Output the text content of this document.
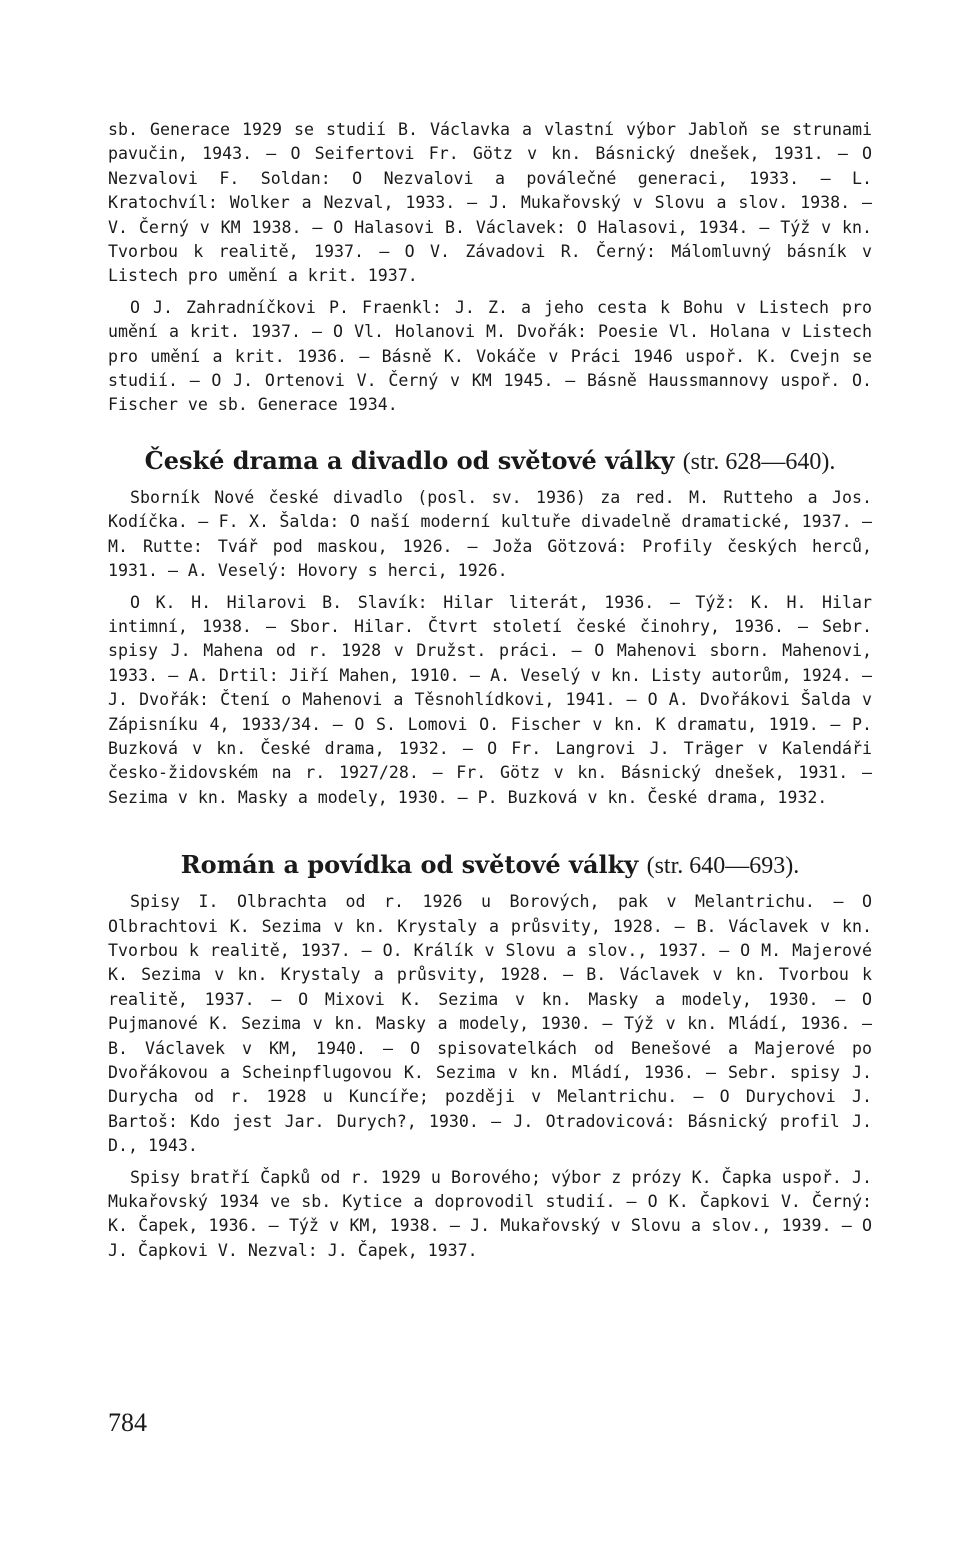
sb. Generace 1929 se studií B. Václavka a vlastní výbor Jabloň se strunami pavučin, 1943. — O Seifertovi Fr. Götz v kn. Básnický dnešek, 1931. — O Nezvalovi F. Soldan: O Nezvalovi a poválečné generaci, 1933. — L. Kratochvíl: Wolker a Nezval, 1933. — J. Mukařovský v Slovu a slov. 1938. — V. Černý v KM 1938. — O Halasovi B. Václavek: O Halasovi, 1934. — Týž v kn. Tvorbou k realitě, 1937. — O V. Závadovi R. Černý: Málomluvný básník v Listech pro umění a krit. 1937.

O J. Zahradníčkovi P. Fraenkl: J. Z. a jeho cesta k Bohu v Listech pro umění a krit. 1937. — O Vl. Holanovi M. Dvořák: Poesie Vl. Holana v Listech pro umění a krit. 1936. — Básně K. Vokáče v Práci 1946 uspoř. K. Cvejn se studií. — O J. Ortenovi V. Černý v KM 1945. — Básně Haussmannovy uspoř. O. Fischer ve sb. Generace 1934.

České drama a divadlo od světové války (str. 628—640).

Sborník Nové české divadlo (posl. sv. 1936) za red. M. Rutteho a Jos. Kodíčka. — F. X. Šalda: O naší moderní kultuře divadelně dramatické, 1937. — M. Rutte: Tvář pod maskou, 1926. — Joža Götzová: Profily českých herců, 1931. — A. Veselý: Hovory s herci, 1926.

O K. H. Hilarovi B. Slavík: Hilar literát, 1936. — Týž: K. H. Hilar intimní, 1938. — Sbor. Hilar. Čtvrt století české činohry, 1936. — Sebr. spisy J. Mahena od r. 1928 v Družst. práci. — O Mahenovi sborn. Mahenovi, 1933. — A. Drtil: Jiří Mahen, 1910. — A. Veselý v kn. Listy autorům, 1924. — J. Dvořák: Čtení o Mahenovi a Těsnohlídkovi, 1941. — O A. Dvořákovi Šalda v Zápisníku 4, 1933/34. — O S. Lomovi O. Fischer v kn. K dramatu, 1919. — P. Buzková v kn. České drama, 1932. — O Fr. Langrovi J. Träger v Kalendáři česko-židovském na r. 1927/28. — Fr. Götz v kn. Básnický dnešek, 1931. — Sezima v kn. Masky a modely, 1930. — P. Buzková v kn. České drama, 1932.

Román a povídka od světové války (str. 640—693).

Spisy I. Olbrachta od r. 1926 u Borových, pak v Melantrichu. — O Olbrachtovi K. Sezima v kn. Krystaly a průsvity, 1928. — B. Václavek v kn. Tvorbou k realitě, 1937. — O. Králík v Slovu a slov., 1937. — O M. Majerové K. Sezima v kn. Krystaly a průsvity, 1928. — B. Václavek v kn. Tvorbou k realitě, 1937. — O Mixovi K. Sezima v kn. Masky a modely, 1930. — O Pujmanové K. Sezima v kn. Masky a modely, 1930. — Týž v kn. Mládí, 1936. — B. Václavek v KM, 1940. — O spisovatelkách od Benešové a Majerové po Dvořákovou a Scheinpflugovou K. Sezima v kn. Mládí, 1936. — Sebr. spisy J. Durycha od r. 1928 u Kuncíře; později v Melantrichu. — O Durychovi J. Bartoš: Kdo jest Jar. Durych?, 1930. — J. Otradovicová: Básnický profil J. D., 1943.

Spisy bratří Čapků od r. 1929 u Borového; výbor z prózy K. Čapka uspoř. J. Mukařovský 1934 ve sb. Kytice a doprovodil studií. — O K. Čapkovi V. Černý: K. Čapek, 1936. — Týž v KM, 1938. — J. Mukařovský v Slovu a slov., 1939. — O J. Čapkovi V. Nezval: J. Čapek, 1937.

784
